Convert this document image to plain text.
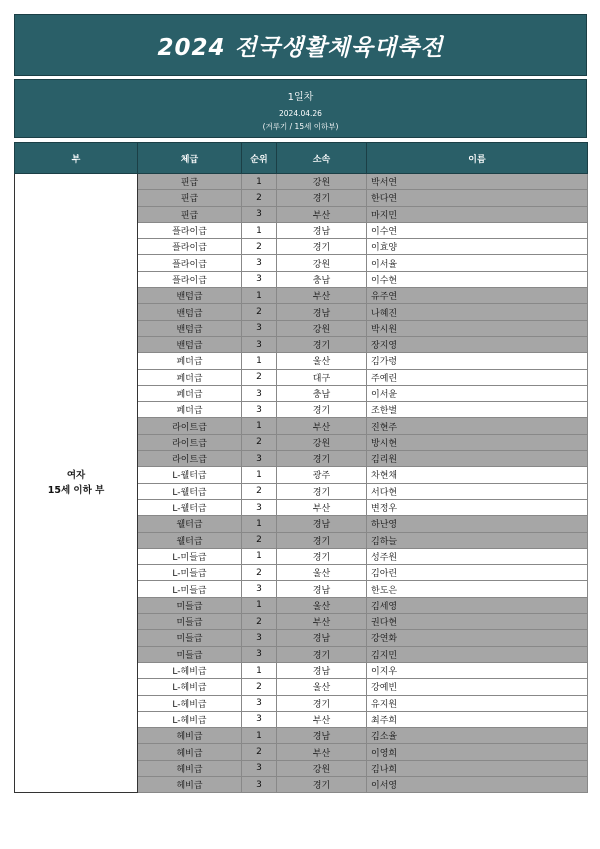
2024 전국생활체육대축전
1일차
2024.04.26
(겨루기 / 15세 이하부)
부	체급	순위	소속	이름

여자
15세 이하 부	핀급	1	강원	박서연
	핀급	2	경기	한다연
	핀급	3	부산	마지민
	플라이급	1	경남	이수연
	플라이급	2	경기	이효양
	플라이급	3	강원	이서율
	플라이급	3	충남	이수현
	밴텀급	1	부산	유주연
	밴텀급	2	경남	나혜진
	밴텀급	3	강원	박시원
	밴텀급	3	경기	장지영
	페더급	1	울산	김가령
	페더급	2	대구	주예린
	페더급	3	충남	이서윤
	페더급	3	경기	조한별
	라이트급	1	부산	진현주
	라이트급	2	강원	방시현
	라이트급	3	경기	김리원
	L-웰터급	1	광주	차현채
	L-웰터급	2	경기	서다현
	L-웰터급	3	부산	변정우
	웰터급	1	경남	하난영
	웰터급	2	경기	김하늘
	L-미들급	1	경기	성주원
	L-미들급	2	울산	김아린
	L-미들급	3	경남	한도은
	미들급	1	울산	김세영
	미들급	2	부산	권다현
	미들급	3	경남	강연화
	미들급	3	경기	김지민
	L-헤비급	1	경남	이지우
	L-헤비급	2	울산	강예빈
	L-헤비급	3	경기	유지원
	L-헤비급	3	부산	최주희
	헤비급	1	경남	김소율
	헤비급	2	부산	이영희
	헤비급	3	강원	김나희
	헤비급	3	경기	이서영
